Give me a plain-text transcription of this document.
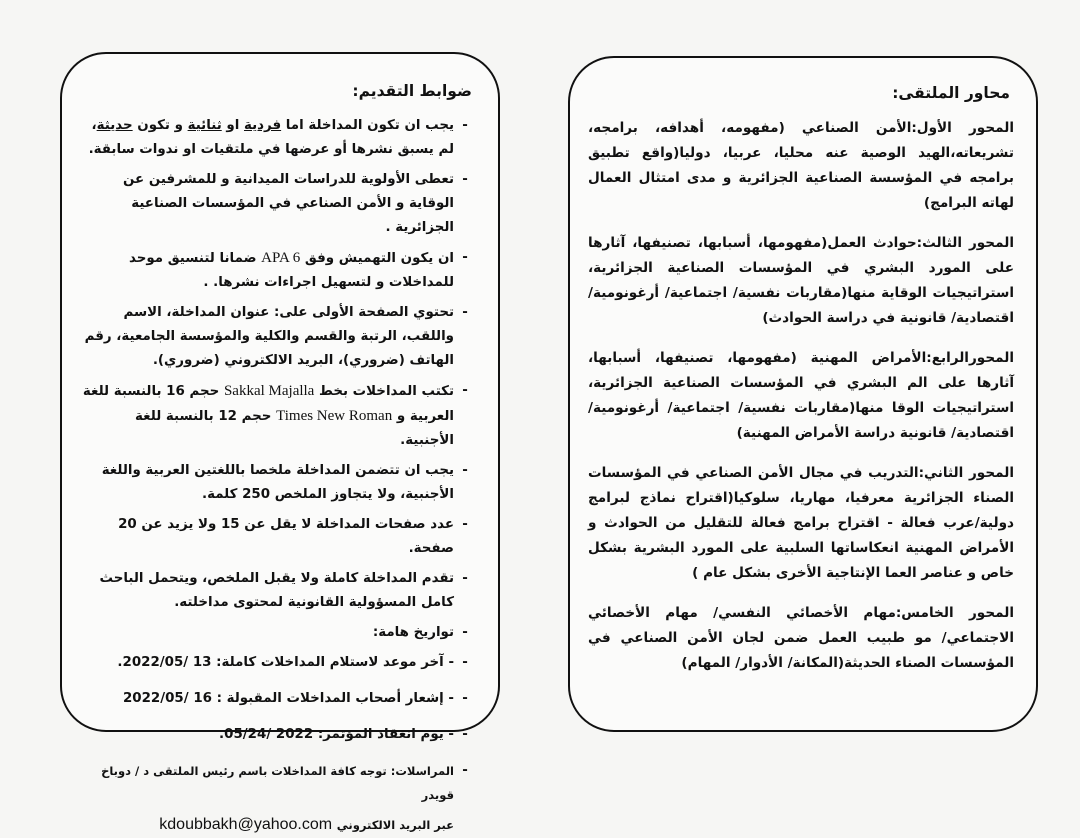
محاور الملتقى:
المحور الأول:الأمن الصناعي (مفهومه، أهدافه، برامجه، تشريعاته،الهيد الوصية عنه محليا، عربيا، دوليا(واقع تطبيق برامجه في المؤسسة الصناعية الجزائرية و مدى امتثال العمال لهاته البرامج)
المحور الثالث:حوادث العمل(مفهومها، أسبابها، تصنيفها، آثارها على المورد البشري في المؤسسات الصناعية الجزائرية، استراتيجيات الوقاية منها(مقاربات نفسية/ اجتماعية/ أرغونومية/ اقتصادية/ قانونية في دراسة الحوادث)
المحورالرابع:الأمراض المهنية (مفهومها، تصنيفها، أسبابها، آثارها على الم البشري في المؤسسات الصناعية الجزائرية، استراتيجيات الوقا منها(مقاربات نفسية/ اجتماعية/ أرغونومية/ اقتصادية/ قانونية دراسة الأمراض المهنية)
المحور الثاني:التدريب في مجال الأمن الصناعي في المؤسسات الصناء الجزائرية معرفيا، مهاريا، سلوكيا(اقتراح نماذج لبرامج دولية/عرب فعالة - اقتراح برامج فعالة للتقليل من الحوادث و الأمراض المهنية انعكاساتها السلبية على المورد البشرية بشكل خاص و عناصر العما الإنتاجية الأخرى بشكل عام )
المحور الخامس:مهام الأخصائي النفسي/ مهام الأخصائي الاجتماعي/ مو طبيب العمل ضمن لجان الأمن الصناعي في المؤسسات الصناء الحديثة(المكانة/ الأدوار/ المهام)
ضوابط التقديم:
-
يجب ان تكون المداخلة اما فردية او ثنائية و تكون حديثة، لم يسبق نشرها أو عرضها في ملتقيات او ندوات سابقة.
-
تعطى الأولوية للدراسات الميدانية و للمشرفين عن الوقاية و الأمن الصناعي في المؤسسات الصناعية الجزائرية .
-
ان يكون التهميش وفق APA 6 ضمانا لتنسيق موحد للمداخلات و لتسهيل اجراءات نشرها. .
-
تحتوي الصفحة الأولى على: عنوان المداخلة، الاسم واللقب، الرتبة والقسم والكلية والمؤسسة الجامعية، رقم الهاتف (ضروري)، البريد الالكتروني (ضروري).
-
تكتب المداخلات بخط Sakkal Majalla حجم 16 بالنسبة للغة العربية و Times New Roman حجم 12 بالنسبة للغة الأجنبية.
-
يجب ان تتضمن المداخلة ملخصا باللغتين العربية واللغة الأجنبية، ولا يتجاوز الملخص 250 كلمة.
-
عدد صفحات المداخلة لا يقل عن 15 ولا يزيد عن 20 صفحة.
-
تقدم المداخلة كاملة ولا يقبل الملخص، ويتحمل الباحث كامل المسؤولية القانونية لمحتوى مداخلته.
-
تواريخ هامة:
-
- آخر موعد لاستلام المداخلات كاملة: 13 /2022/05.
-
- إشعار أصحاب المداخلات المقبولة : 16 /2022/05
-
- يوم انعقاد المؤتمر: 2022 /05/24.
-
المراسلات: توجه كافة المداخلات باسم رئيس الملتقى د / دوباخ قويدر
عبر البريد الالكتروني kdoubbakh@yahoo.com
